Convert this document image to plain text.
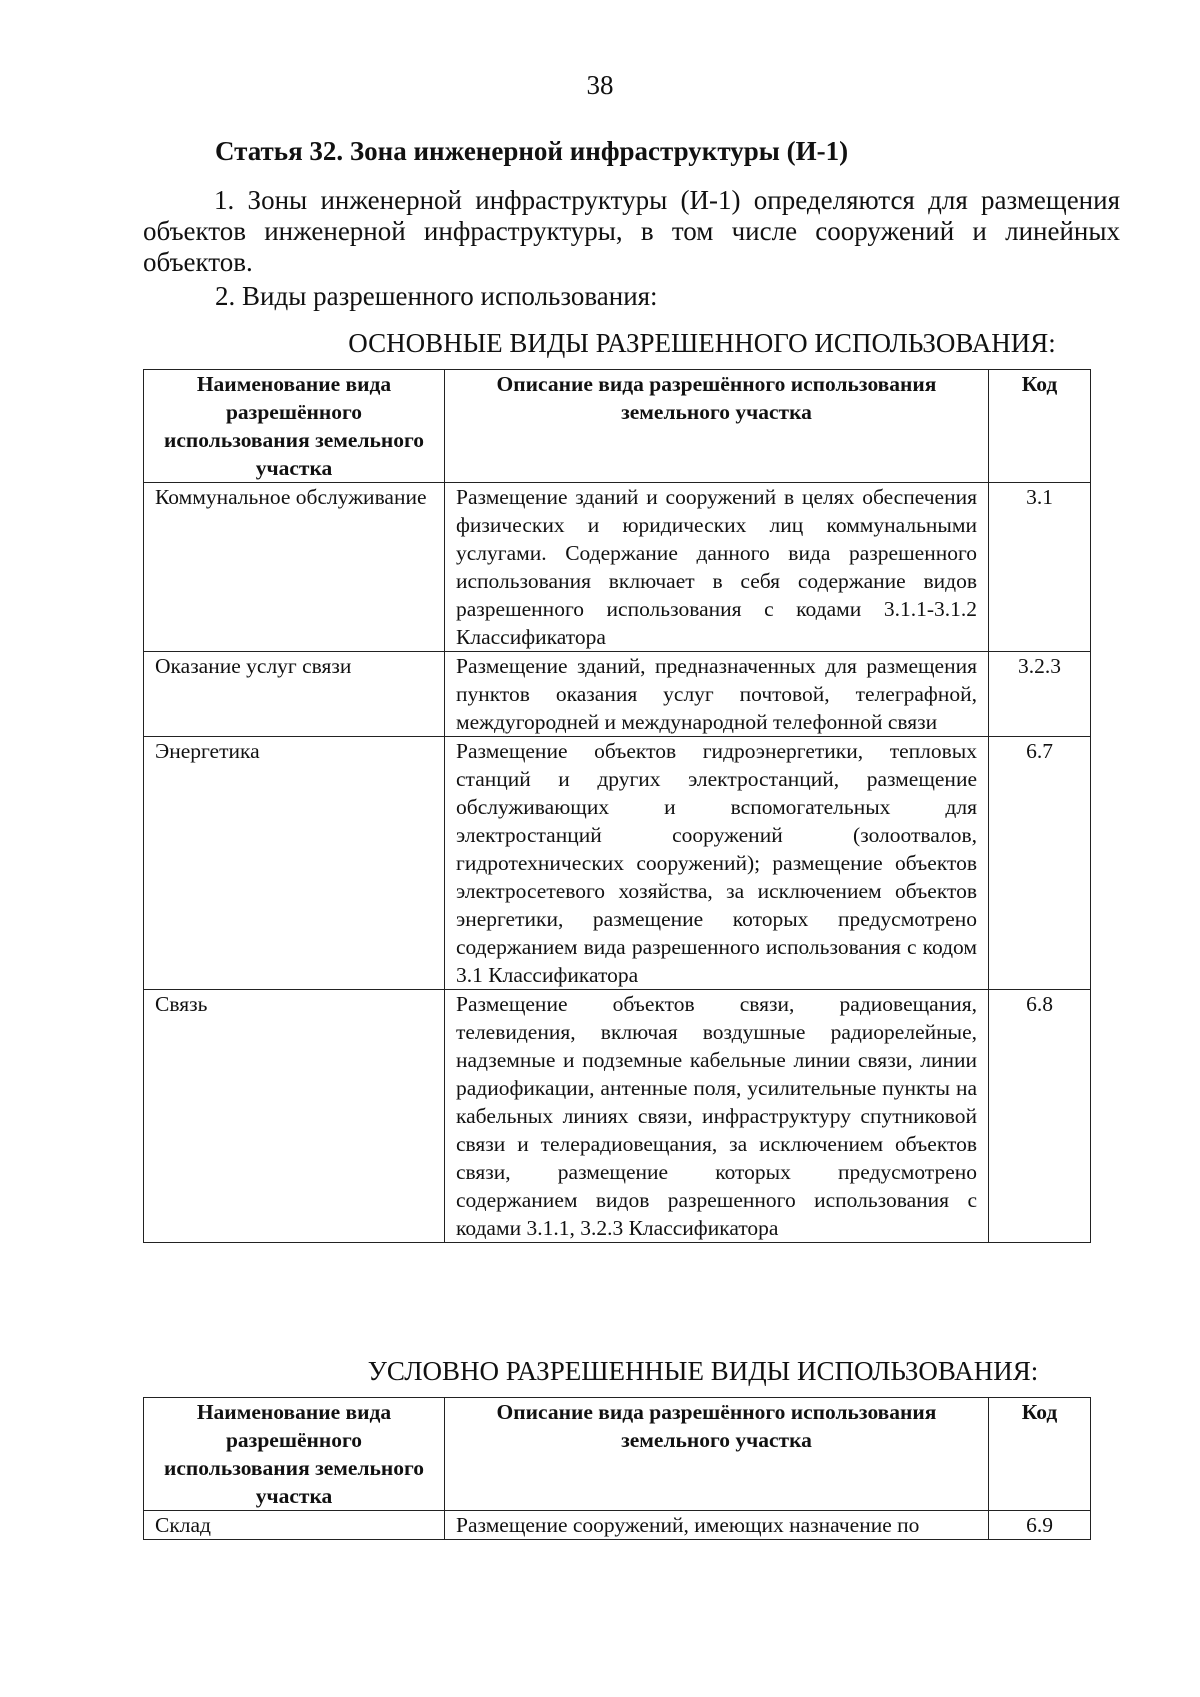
38
Статья 32. Зона инженерной инфраструктуры (И-1)
1. Зоны инженерной инфраструктуры (И-1) определяются для размещения объектов инженерной инфраструктуры, в том числе сооружений и линейных объектов.
2. Виды разрешенного использования:
ОСНОВНЫЕ ВИДЫ РАЗРЕШЕННОГО ИСПОЛЬЗОВАНИЯ:
Наименование вида разрешённого использования земельного участка	Описание вида разрешённого использования земельного участка	Код
Коммунальное обслуживание	Размещение зданий и сооружений в целях обеспечения физических и юридических лиц коммунальными услугами. Содержание данного вида разрешенного использования включает в себя содержание видов разрешенного использования с кодами 3.1.1-3.1.2 Классификатора	3.1
Оказание услуг связи	Размещение зданий, предназначенных для размещения пунктов оказания услуг почтовой, телеграфной, междугородней и международной телефонной связи	3.2.3
Энергетика	Размещение объектов гидроэнергетики, тепловых станций и других электростанций, размещение обслуживающих и вспомогательных для электростанций сооружений (золоотвалов, гидротехнических сооружений); размещение объектов электросетевого хозяйства, за исключением объектов энергетики, размещение которых предусмотрено содержанием вида разрешенного использования с кодом 3.1 Классификатора	6.7
Связь	Размещение объектов связи, радиовещания, телевидения, включая воздушные радиорелейные, надземные и подземные кабельные линии связи, линии радиофикации, антенные поля, усилительные пункты на кабельных линиях связи, инфраструктуру спутниковой связи и телерадиовещания, за исключением объектов связи, размещение которых предусмотрено содержанием видов разрешенного использования с кодами 3.1.1, 3.2.3 Классификатора	6.8
УСЛОВНО РАЗРЕШЕННЫЕ ВИДЫ ИСПОЛЬЗОВАНИЯ:
Наименование вида разрешённого использования земельного участка	Описание вида разрешённого использования земельного участка	Код
Склад	Размещение сооружений, имеющих назначение по	6.9
